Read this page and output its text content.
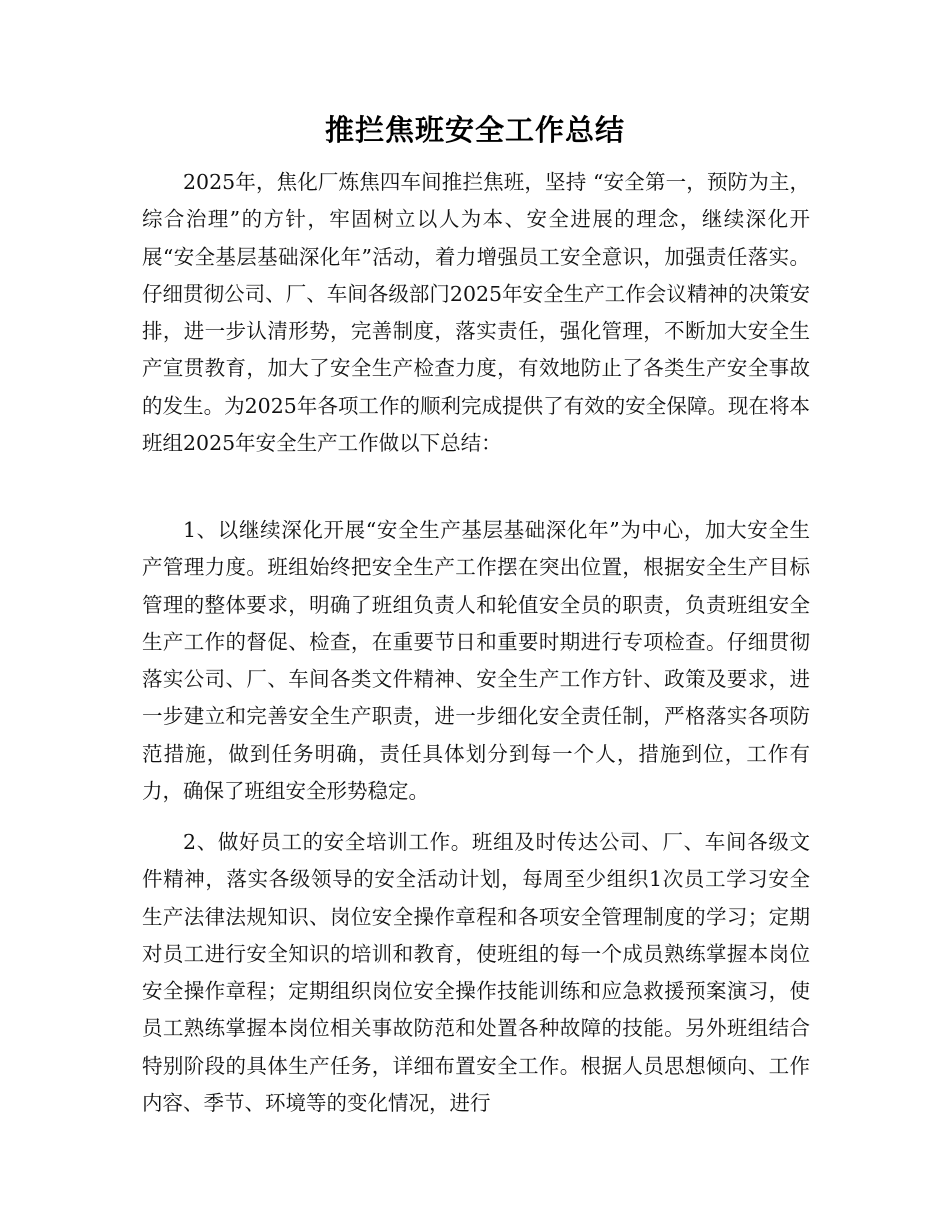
推拦焦班安全工作总结

2025年，焦化厂炼焦四车间推拦焦班，坚持 “安全第一，预防为主，综合治理”的方针，牢固树立以人为本、安全进展的理念，继续深化开展“安全基层基础深化年”活动，着力增强员工安全意识，加强责任落实。仔细贯彻公司、厂、车间各级部门2025年安全生产工作会议精神的决策安排，进一步认清形势，完善制度，落实责任，强化管理，不断加大安全生产宣贯教育，加大了安全生产检查力度，有效地防止了各类生产安全事故的发生。为2025年各项工作的顺利完成提供了有效的安全保障。现在将本班组2025年安全生产工作做以下总结：

1、以继续深化开展“安全生产基层基础深化年”为中心，加大安全生产管理力度。班组始终把安全生产工作摆在突出位置，根据安全生产目标管理的整体要求，明确了班组负责人和轮值安全员的职责，负责班组安全生产工作的督促、检查，在重要节日和重要时期进行专项检查。仔细贯彻落实公司、厂、车间各类文件精神、安全生产工作方针、政策及要求，进一步建立和完善安全生产职责，进一步细化安全责任制，严格落实各项防范措施，做到任务明确，责任具体划分到每一个人，措施到位，工作有力，确保了班组安全形势稳定。

2、做好员工的安全培训工作。班组及时传达公司、厂、车间各级文件精神，落实各级领导的安全活动计划，每周至少组织1次员工学习安全生产法律法规知识、岗位安全操作章程和各项安全管理制度的学习；定期对员工进行安全知识的培训和教育，使班组的每一个成员熟练掌握本岗位安全操作章程；定期组织岗位安全操作技能训练和应急救援预案演习，使员工熟练掌握本岗位相关事故防范和处置各种故障的技能。另外班组结合特别阶段的具体生产任务，详细布置安全工作。根据人员思想倾向、工作内容、季节、环境等的变化情况，进行
